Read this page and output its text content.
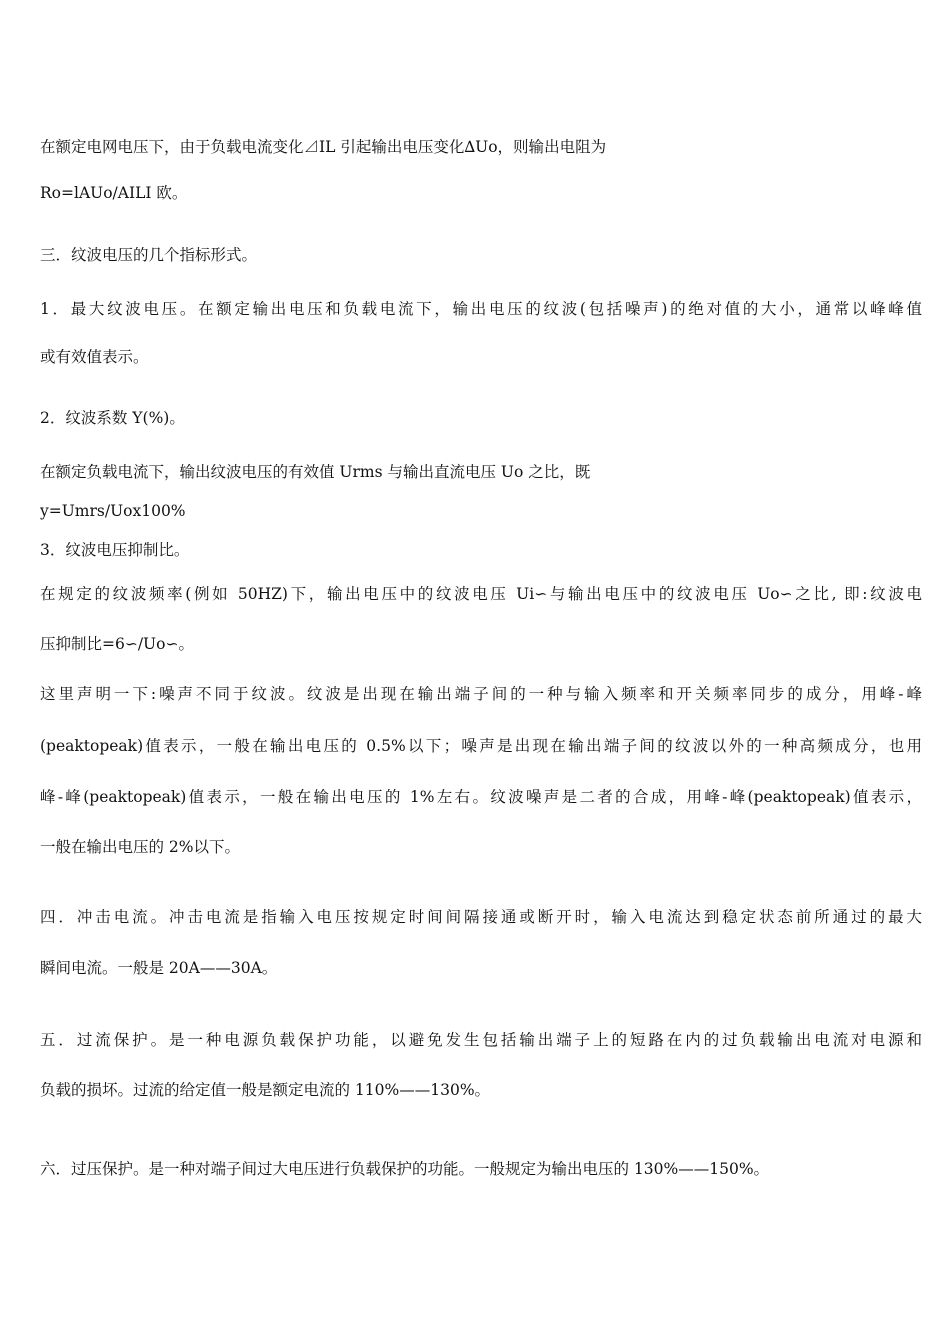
在额定电网电压下，由于负载电流变化⊿IL 引起输出电压变化∆Uo，则输出电阻为
Ro=lAUo/AILI 欧。
三．纹波电压的几个指标形式。
1．最大纹波电压。在额定输出电压和负载电流下，输出电压的纹波(包括噪声)的绝对值的大小，通常以峰峰值
或有效值表示。
2．纹波系数 Y(%)。
在额定负载电流下，输出纹波电压的有效值 Urms 与输出直流电压 Uo 之比，既
y=Umrs/Uox100%
3．纹波电压抑制比。
在规定的纹波频率(例如 50HZ)下，输出电压中的纹波电压 Ui∽与输出电压中的纹波电压 Uo∽之比, 即:纹波电
压抑制比=6∽/Uo∽。
这里声明一下:噪声不同于纹波。纹波是出现在输出端子间的一种与输入频率和开关频率同步的成分，用峰-峰
(peaktopeak)值表示，一般在输出电压的 0.5%以下；噪声是出现在输出端子间的纹波以外的一种高频成分，也用
峰-峰(peaktopeak)值表示，一般在输出电压的 1%左右。纹波噪声是二者的合成，用峰-峰(peaktopeak)值表示，
一般在输出电压的 2%以下。
四．冲击电流。冲击电流是指输入电压按规定时间间隔接通或断开时，输入电流达到稳定状态前所通过的最大
瞬间电流。一般是 20A——30A。
五．过流保护。是一种电源负载保护功能，以避免发生包括输出端子上的短路在内的过负载输出电流对电源和
负载的损坏。过流的给定值一般是额定电流的 110%——130%。
六．过压保护。是一种对端子间过大电压进行负载保护的功能。一般规定为输出电压的 130%——150%。
